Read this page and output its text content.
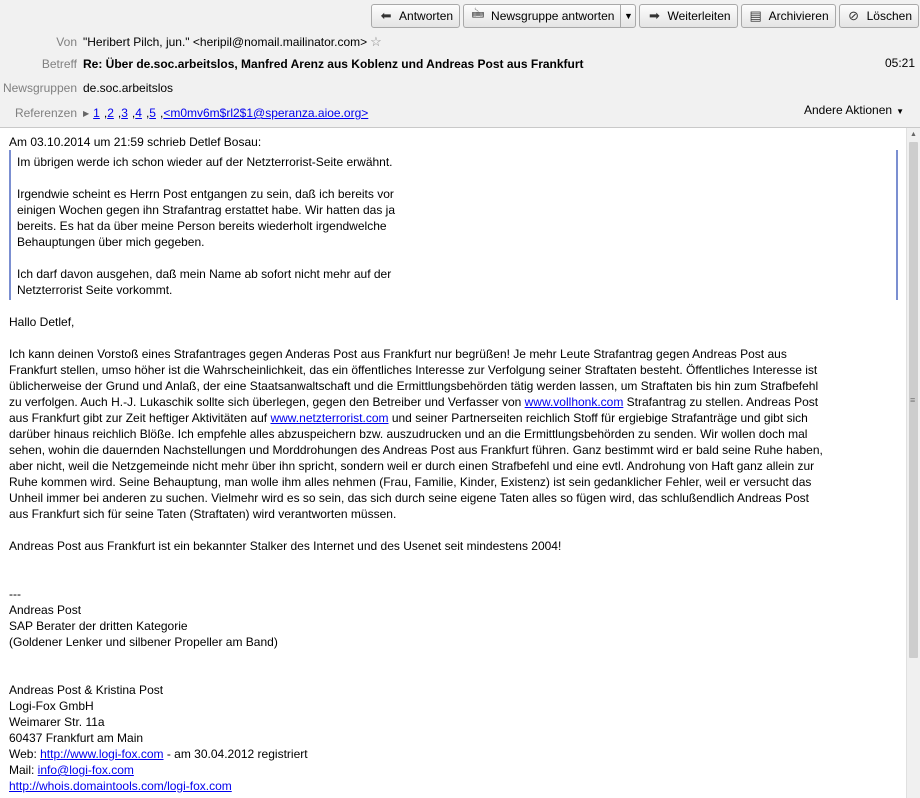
⬅ Antworten 🖮 Newsgruppe antworten ▼ ➡ Weiterleiten ▤ Archivieren ⊘ Löschen
Von "Heribert Pilch, jun." <heripil@nomail.mailinator.com> ☆
Betreff Re: Über de.soc.arbeitslos, Manfred Arenz aus Koblenz und Andreas Post aus Frankfurt	05:21
Newsgruppen de.soc.arbeitslos
Referenzen ▶ 1 , 2 , 3 , 4 , 5 , <m0mv6m$rl2$1@speranza.aioe.org>	Andere Aktionen ▼
Am 03.10.2014 um 21:59 schrieb Detlef Bosau:

Im übrigen werde ich schon wieder auf der Netzterrorist-Seite erwähnt.

Irgendwie scheint es Herrn Post entgangen zu sein, daß ich bereits vor
einigen Wochen gegen ihn Strafantrag erstattet habe. Wir hatten das ja
bereits. Es hat da über meine Person bereits wiederholt irgendwelche
Behauptungen über mich gegeben.

Ich darf davon ausgehen, daß mein Name ab sofort nicht mehr auf der
Netzterrorist Seite vorkommt.

Hallo Detlef,
Ich kann deinen Vorstoß eines Strafantrages gegen Anderas Post aus Frankfurt nur begrüßen! Je mehr Leute Strafantrag gegen Andreas Post aus
Frankfurt stellen, umso höher ist die Wahrscheinlichkeit, das ein öffentliches Interesse zur Verfolgung seiner Straftaten besteht. Öffentliches Interesse ist
üblicherweise der Grund und Anlaß, der eine Staatsanwaltschaft und die Ermittlungsbehörden tätig werden lassen, um Straftaten bis hin zum Strafbefehl
zu verfolgen. Auch H.-J. Lukaschik sollte sich überlegen, gegen den Betreiber und Verfasser von www.vollhonk.com Strafantrag zu stellen. Andreas Post
aus Frankfurt gibt zur Zeit heftiger Aktivitäten auf www.netzterrorist.com und seiner Partnerseiten reichlich Stoff für ergiebige Strafanträge und gibt sich
darüber hinaus reichlich Blöße. Ich empfehle alles abzuspeichern bzw. auszudrucken und an die Ermittlungsbehörden zu senden. Wir wollen doch mal
sehen, wohin die dauernden Nachstellungen und Morddrohungen des Andreas Post aus Frankfurt führen. Ganz bestimmt wird er bald seine Ruhe haben,
aber nicht, weil die Netzgemeinde nicht mehr über ihn spricht, sondern weil er durch einen Strafbefehl und eine evtl. Androhung von Haft ganz allein zur
Ruhe kommen wird. Seine Behauptung, man wolle ihm alles nehmen (Frau, Familie, Kinder, Existenz) ist sein gedanklicher Fehler, weil er versucht das
Unheil immer bei anderen zu suchen. Vielmehr wird es so sein, das sich durch seine eigene Taten alles so fügen wird, das schlußendlich Andreas Post
aus Frankfurt sich für seine Taten (Straftaten) wird verantworten müssen.
Andreas Post aus Frankfurt ist ein bekannter Stalker des Internet und des Usenet seit mindestens 2004!
---
Andreas Post
SAP Berater der dritten Kategorie
(Goldener Lenker und silbener Propeller am Band)
Andreas Post & Kristina Post
Logi-Fox GmbH
Weimarer Str. 11a
60437 Frankfurt am Main
Web: http://www.logi-fox.com - am 30.04.2012 registriert
Mail: info@logi-fox.com
http://whois.domaintools.com/logi-fox.com
▲
≡
